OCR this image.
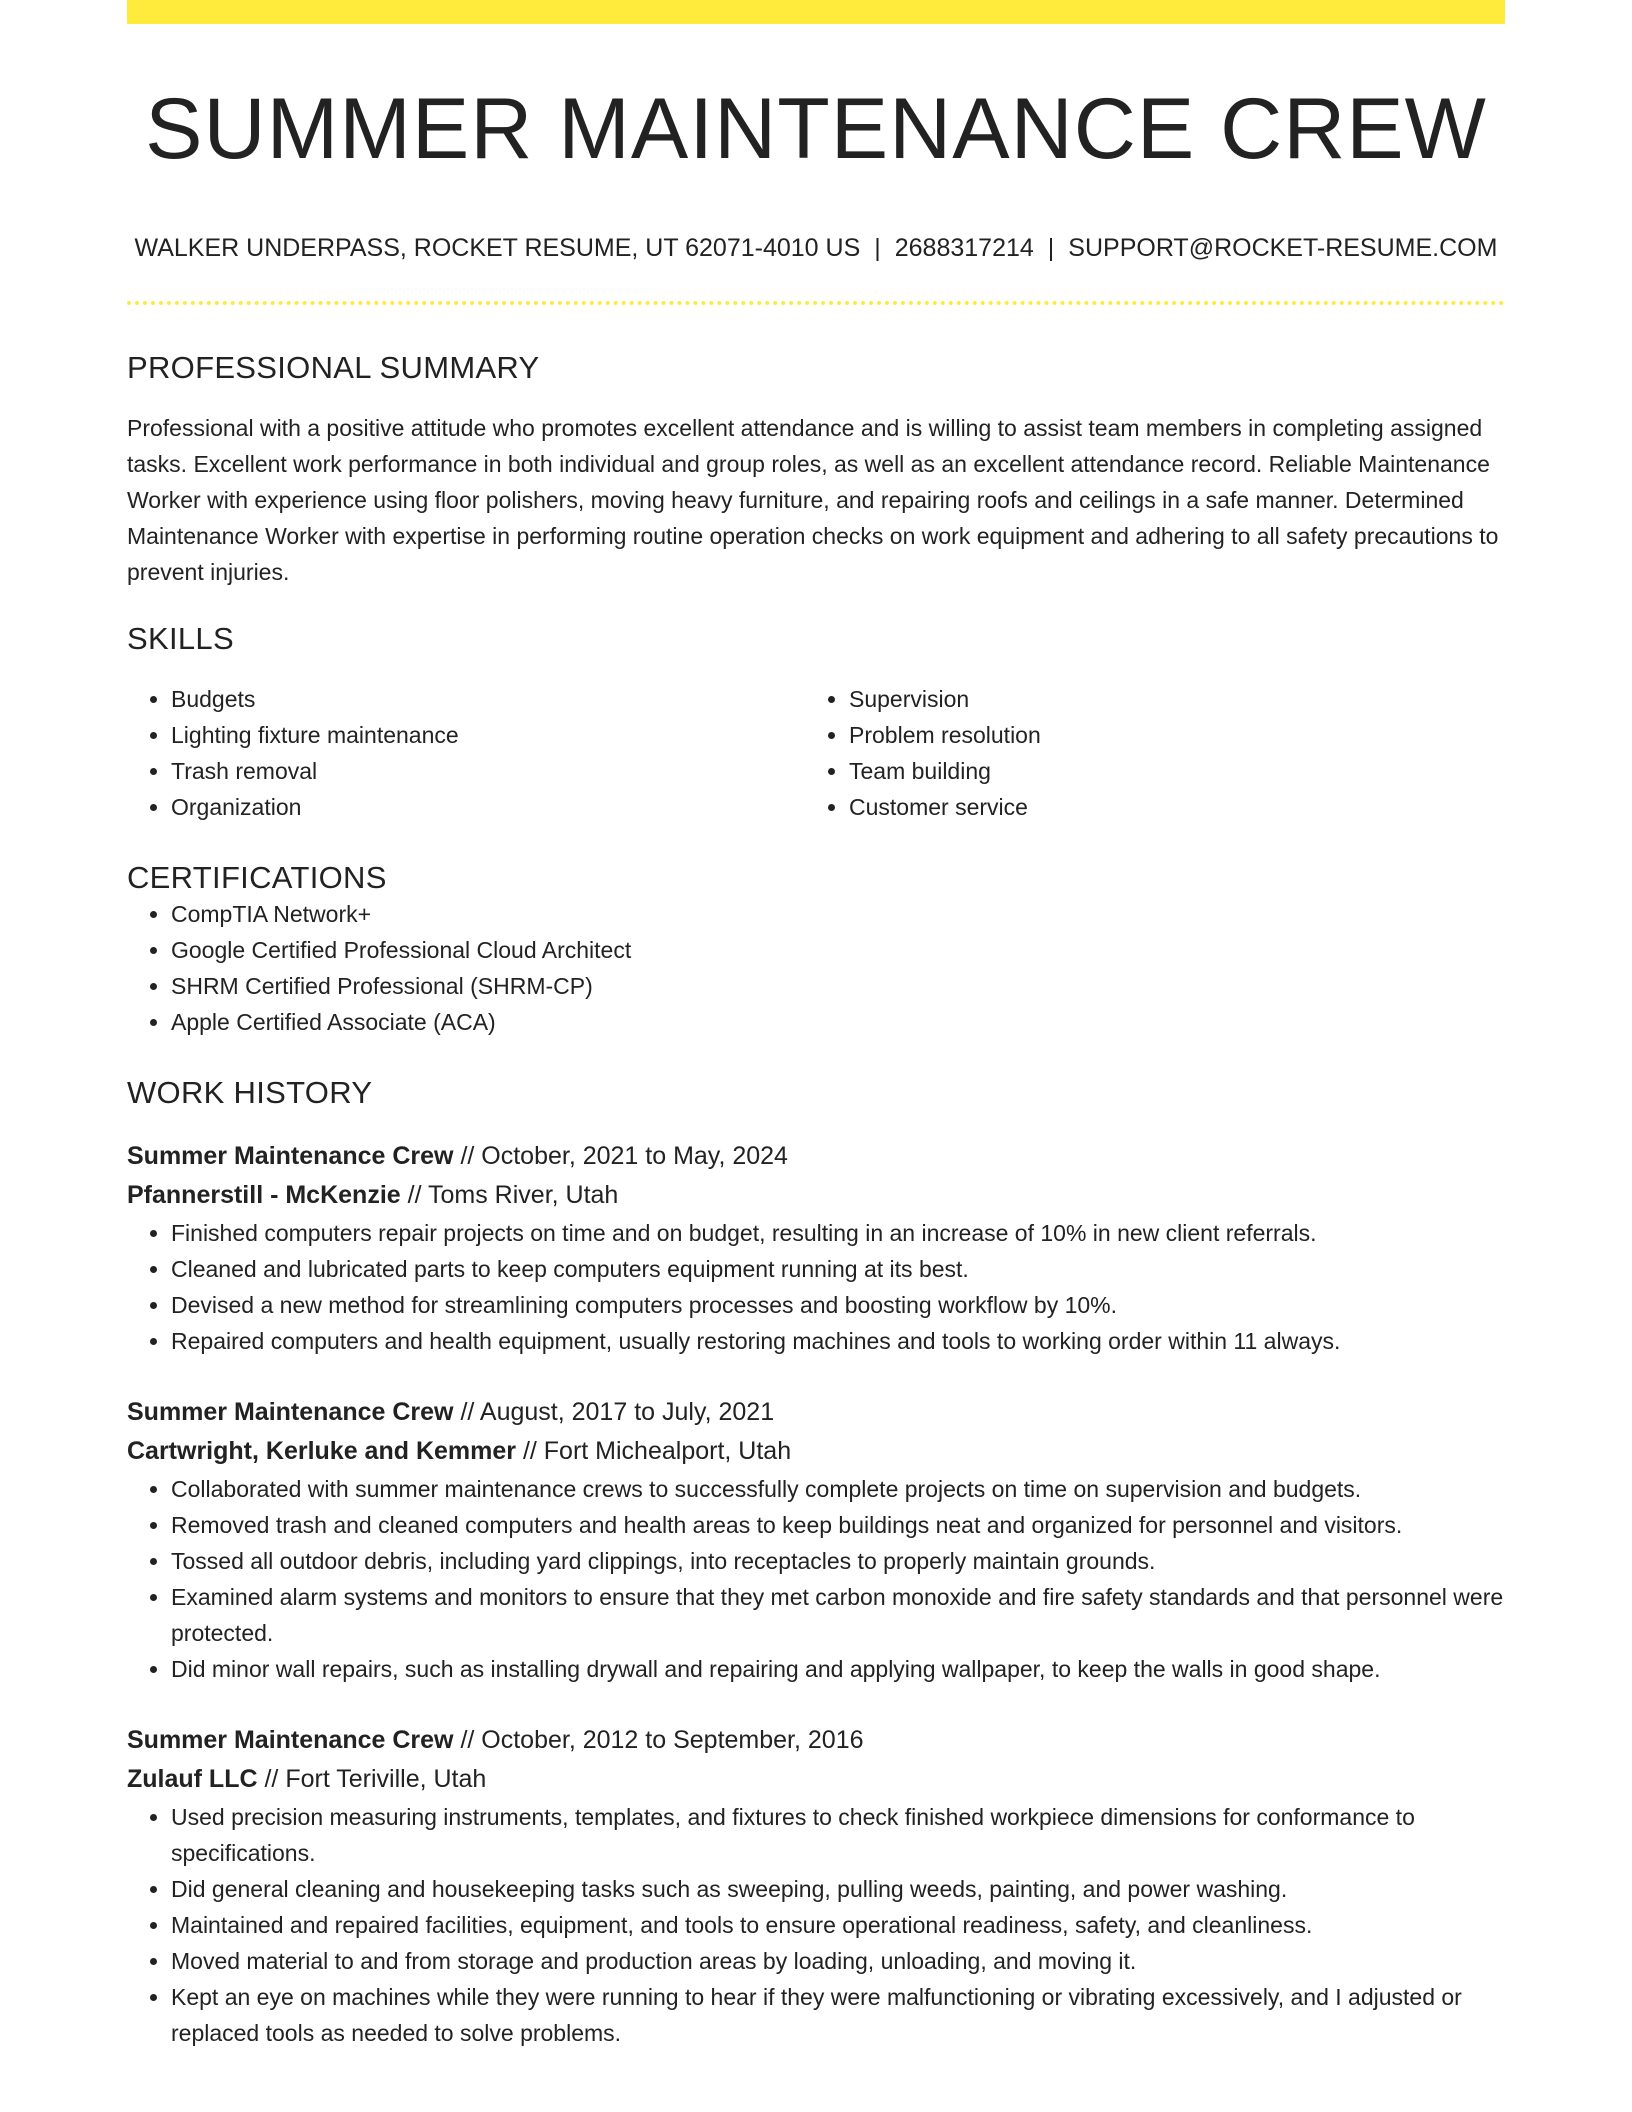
SUMMER MAINTENANCE CREW
WALKER UNDERPASS, ROCKET RESUME, UT 62071-4010 US | 2688317214 | SUPPORT@ROCKET-RESUME.COM
PROFESSIONAL SUMMARY

Professional with a positive attitude who promotes excellent attendance and is willing to assist team members in completing assigned tasks. Excellent work performance in both individual and group roles, as well as an excellent attendance record. Reliable Maintenance Worker with experience using floor polishers, moving heavy furniture, and repairing roofs and ceilings in a safe manner. Determined Maintenance Worker with expertise in performing routine operation checks on work equipment and adhering to all safety precautions to prevent injuries.

SKILLS
• Budgets
• Lighting fixture maintenance
• Trash removal
• Organization
• Supervision
• Problem resolution
• Team building
• Customer service
CERTIFICATIONS
• CompTIA Network+
• Google Certified Professional Cloud Architect
• SHRM Certified Professional (SHRM-CP)
• Apple Certified Associate (ACA)
WORK HISTORY
Summer Maintenance Crew // October, 2021 to May, 2024
Pfannerstill - McKenzie // Toms River, Utah
• Finished computers repair projects on time and on budget, resulting in an increase of 10% in new client referrals.
• Cleaned and lubricated parts to keep computers equipment running at its best.
• Devised a new method for streamlining computers processes and boosting workflow by 10%.
• Repaired computers and health equipment, usually restoring machines and tools to working order within 11 always.
Summer Maintenance Crew // August, 2017 to July, 2021
Cartwright, Kerluke and Kemmer // Fort Michealport, Utah
• Collaborated with summer maintenance crews to successfully complete projects on time on supervision and budgets.
• Removed trash and cleaned computers and health areas to keep buildings neat and organized for personnel and visitors.
• Tossed all outdoor debris, including yard clippings, into receptacles to properly maintain grounds.
• Examined alarm systems and monitors to ensure that they met carbon monoxide and fire safety standards and that personnel were protected.
• Did minor wall repairs, such as installing drywall and repairing and applying wallpaper, to keep the walls in good shape.
Summer Maintenance Crew // October, 2012 to September, 2016
Zulauf LLC // Fort Teriville, Utah
• Used precision measuring instruments, templates, and fixtures to check finished workpiece dimensions for conformance to specifications.
• Did general cleaning and housekeeping tasks such as sweeping, pulling weeds, painting, and power washing.
• Maintained and repaired facilities, equipment, and tools to ensure operational readiness, safety, and cleanliness.
• Moved material to and from storage and production areas by loading, unloading, and moving it.
• Kept an eye on machines while they were running to hear if they were malfunctioning or vibrating excessively, and I adjusted or replaced tools as needed to solve problems.
